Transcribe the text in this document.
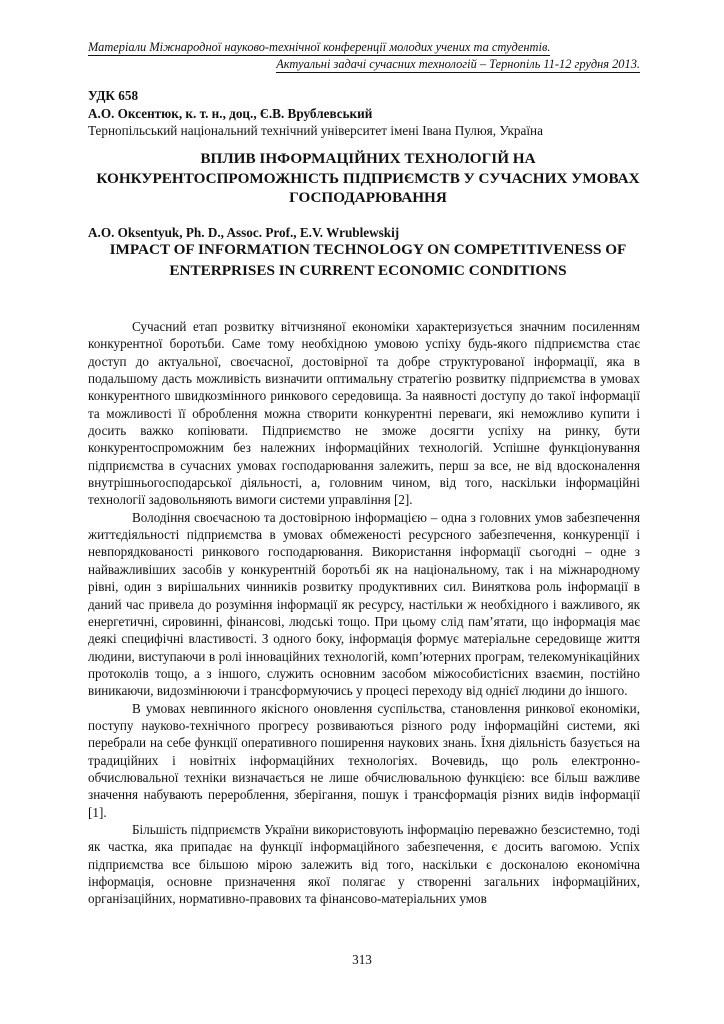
Матеріали Міжнародної науково-технічної конференції молодих учених та студентів.
Актуальні задачі сучасних технологій – Тернопіль 11-12 грудня 2013.
УДК 658
А.О. Оксентюк, к. т. н., доц., Є.В. Врублевський
Тернопільський національний технічний університет імені Івана Пулюя, Україна
ВПЛИВ ІНФОРМАЦІЙНИХ ТЕХНОЛОГІЙ НА КОНКУРЕНТОСПРОМОЖНІСТЬ ПІДПРИЄМСТВ У СУЧАСНИХ УМОВАХ ГОСПОДАРЮВАННЯ
A.O. Oksentyuk, Ph. D., Assoc. Prof., E.V. Wrublewskij
IMPACT OF INFORMATION TECHNOLOGY ON COMPETITIVENESS OF ENTERPRISES IN CURRENT ECONOMIC CONDITIONS

Сучасний етап розвитку вітчизняної економіки характеризується значним посиленням конкурентної боротьби. Саме тому необхідною умовою успіху будь-якого підприємства стає доступ до актуальної, своєчасної, достовірної та добре структурованої інформації, яка в подальшому дасть можливість визначити оптимальну стратегію розвитку підприємства в умовах конкурентного швидкозмінного ринкового середовища. За наявності доступу до такої інформації та можливості її оброблення можна створити конкурентні переваги, які неможливо купити і досить важко копіювати. Підприємство не зможе досягти успіху на ринку, бути конкурентоспроможним без належних інформаційних технологій. Успішне функціонування підприємства в сучасних умовах господарювання залежить, перш за все, не від вдосконалення внутрішньогосподарської діяльності, а, головним чином, від того, наскільки інформаційні технології задовольняють вимоги системи управління [2].

Володіння своєчасною та достовірною інформацією – одна з головних умов забезпечення життєдіяльності підприємства в умовах обмеженості ресурсного забезпечення, конкуренції і невпорядкованості ринкового господарювання. Використання інформації сьогодні – одне з найважливіших засобів у конкурентній боротьбі як на національному, так і на міжнародному рівні, один з вирішальних чинників розвитку продуктивних сил. Виняткова роль інформації в даний час привела до розуміння інформації як ресурсу, настільки ж необхідного і важливого, як енергетичні, сировинні, фінансові, людські тощо. При цьому слід пам’ятати, що інформація має деякі специфічні властивості. З одного боку, інформація формує матеріальне середовище життя людини, виступаючи в ролі інноваційних технологій, комп’ютерних програм, телекомунікаційних протоколів тощо, а з іншого, служить основним засобом міжособистісних взаємин, постійно виникаючи, видозмінюючи і трансформуючись у процесі переходу від однієї людини до іншого.

В умовах невпинного якісного оновлення суспільства, становлення ринкової економіки, поступу науково-технічного прогресу розвиваються різного роду інформаційні системи, які перебрали на себе функції оперативного поширення наукових знань. Їхня діяльність базується на традиційних і новітніх інформаційних технологіях. Вочевидь, що роль електронно-обчислювальної техніки визначається не лише обчислювальною функцією: все більш важливе значення набувають перероблення, зберігання, пошук і трансформація різних видів інформації [1].

Більшість підприємств України використовують інформацію переважно безсистемно, тоді як частка, яка припадає на функції інформаційного забезпечення, є досить вагомою. Успіх підприємства все більшою мірою залежить від того, наскільки є досконалою економічна інформація, основне призначення якої полягає у створенні загальних інформаційних, організаційних, нормативно-правових та фінансово-матеріальних умов

313
